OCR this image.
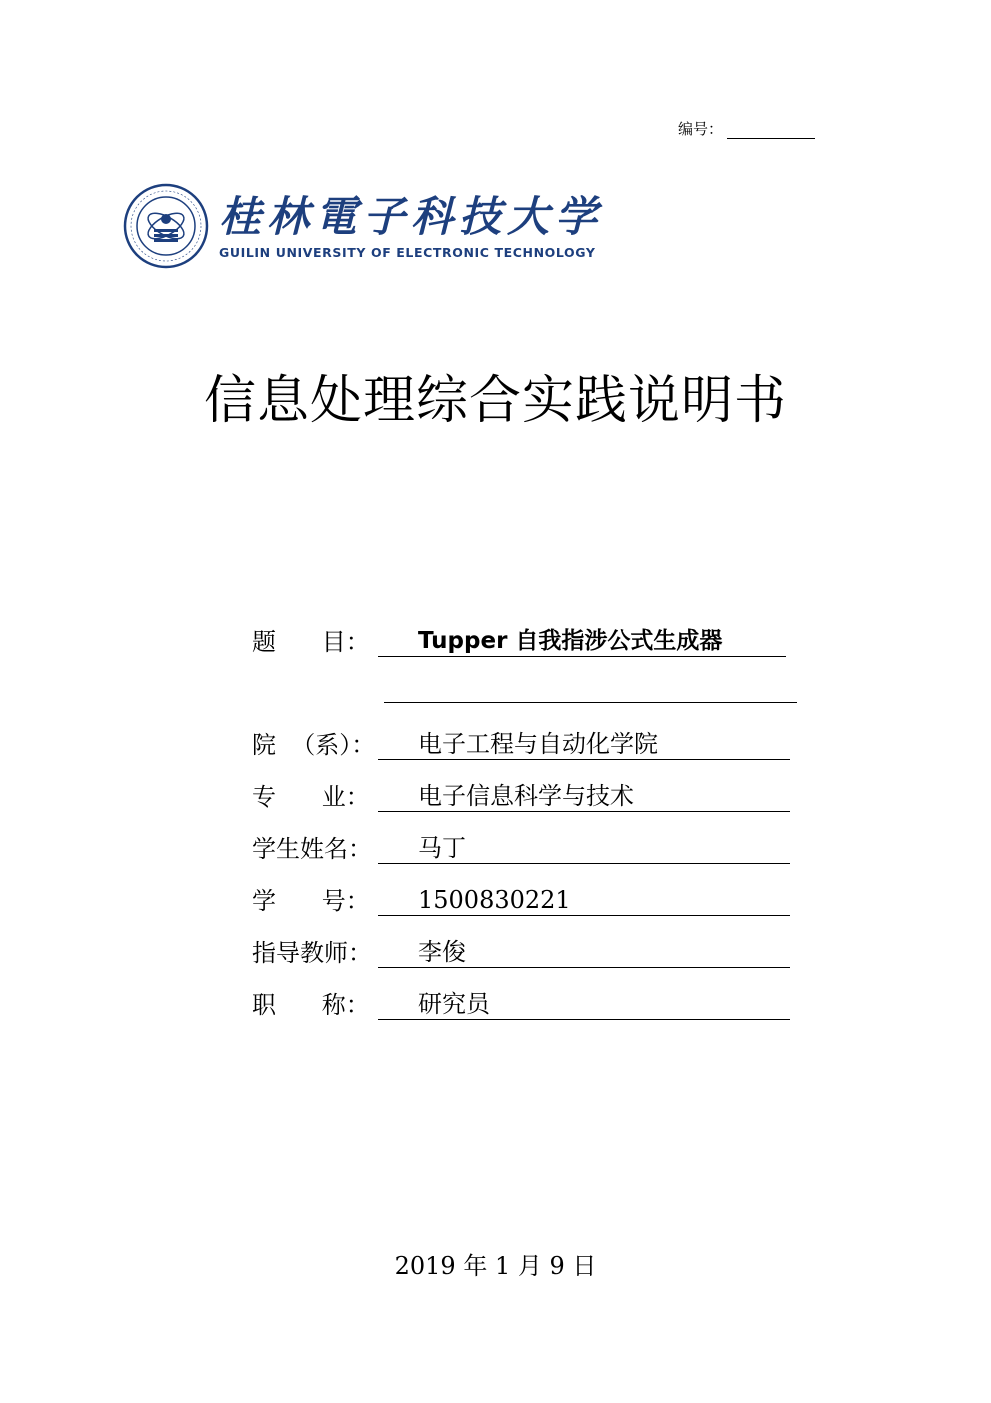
编号：
桂林電子科技大学
GUILIN UNIVERSITY OF ELECTRONIC TECHNOLOGY
信息处理综合实践说明书
题      目：	Tupper 自我指涉公式生成器
院  （系）：	电子工程与自动化学院
专      业：	电子信息科学与技术
学生姓名：	马丁
学      号：	1500830221
指导教师：	李俊
职      称：	研究员
2019 年 1 月 9 日
